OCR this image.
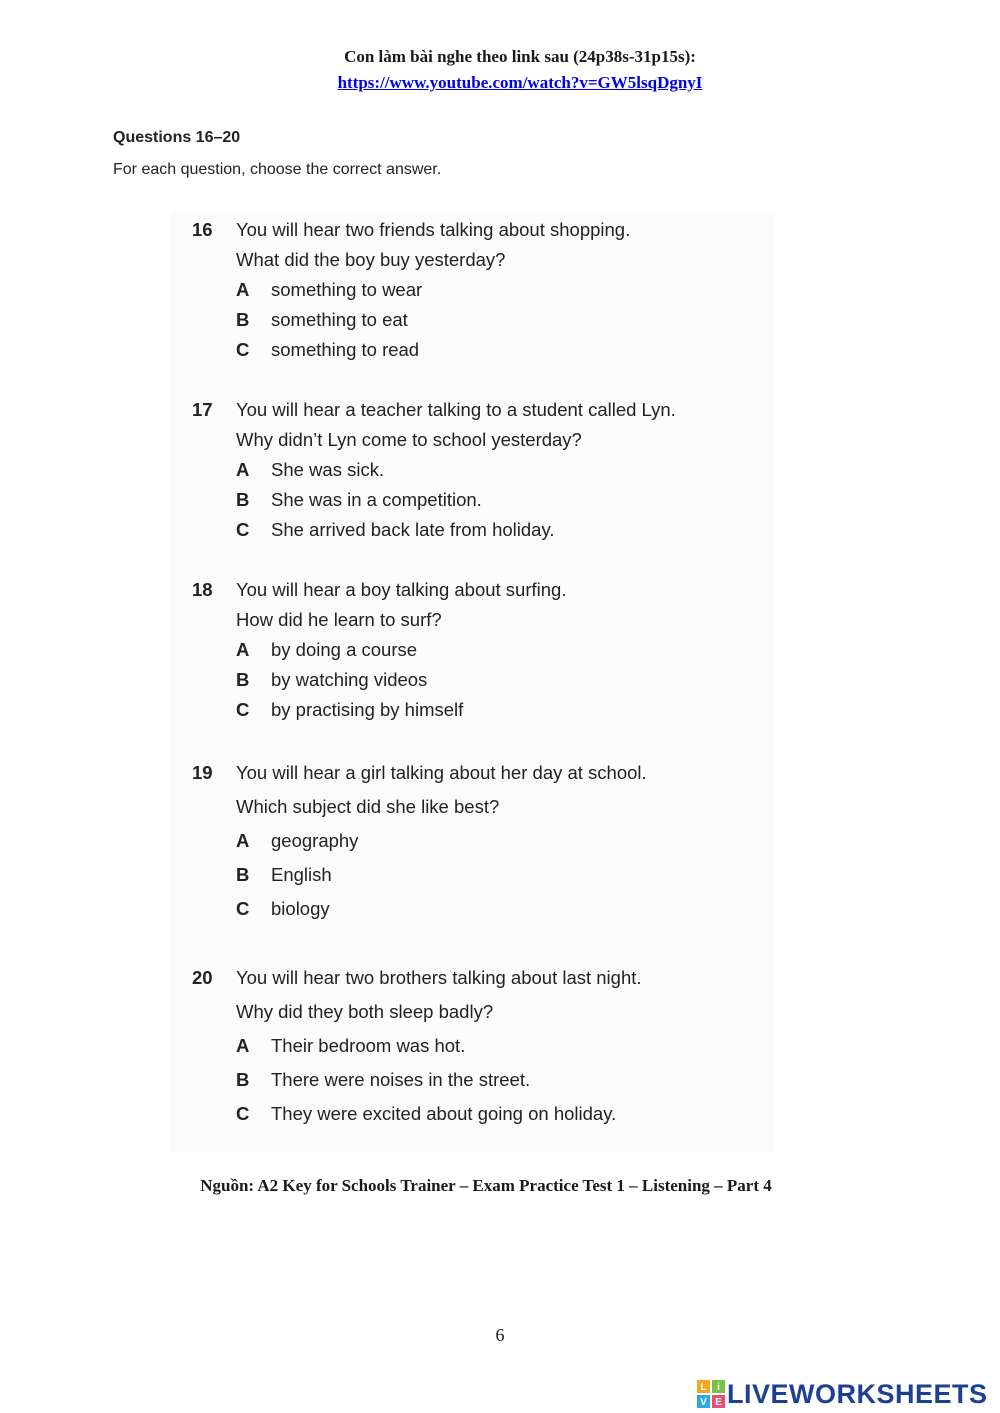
Con làm bài nghe theo link sau (24p38s-31p15s):
https://www.youtube.com/watch?v=GW5lsqDgnyI
Questions 16–20
For each question, choose the correct answer.
16	You will hear two friends talking about shopping.
What did the boy buy yesterday?
A something to wear
B something to eat
C something to read
17	You will hear a teacher talking to a student called Lyn.
Why didn’t Lyn come to school yesterday?
A She was sick.
B She was in a competition.
C She arrived back late from holiday.
18	You will hear a boy talking about surfing.
How did he learn to surf?
A by doing a course
B by watching videos
C by practising by himself
19	You will hear a girl talking about her day at school.
Which subject did she like best?
A geography
B English
C biology
20	You will hear two brothers talking about last night.
Why did they both sleep badly?
A Their bedroom was hot.
B There were noises in the street.
C They were excited about going on holiday.
Nguồn: A2 Key for Schools Trainer – Exam Practice Test 1 – Listening – Part 4
6
L i
V E LIVEWORKSHEETS
